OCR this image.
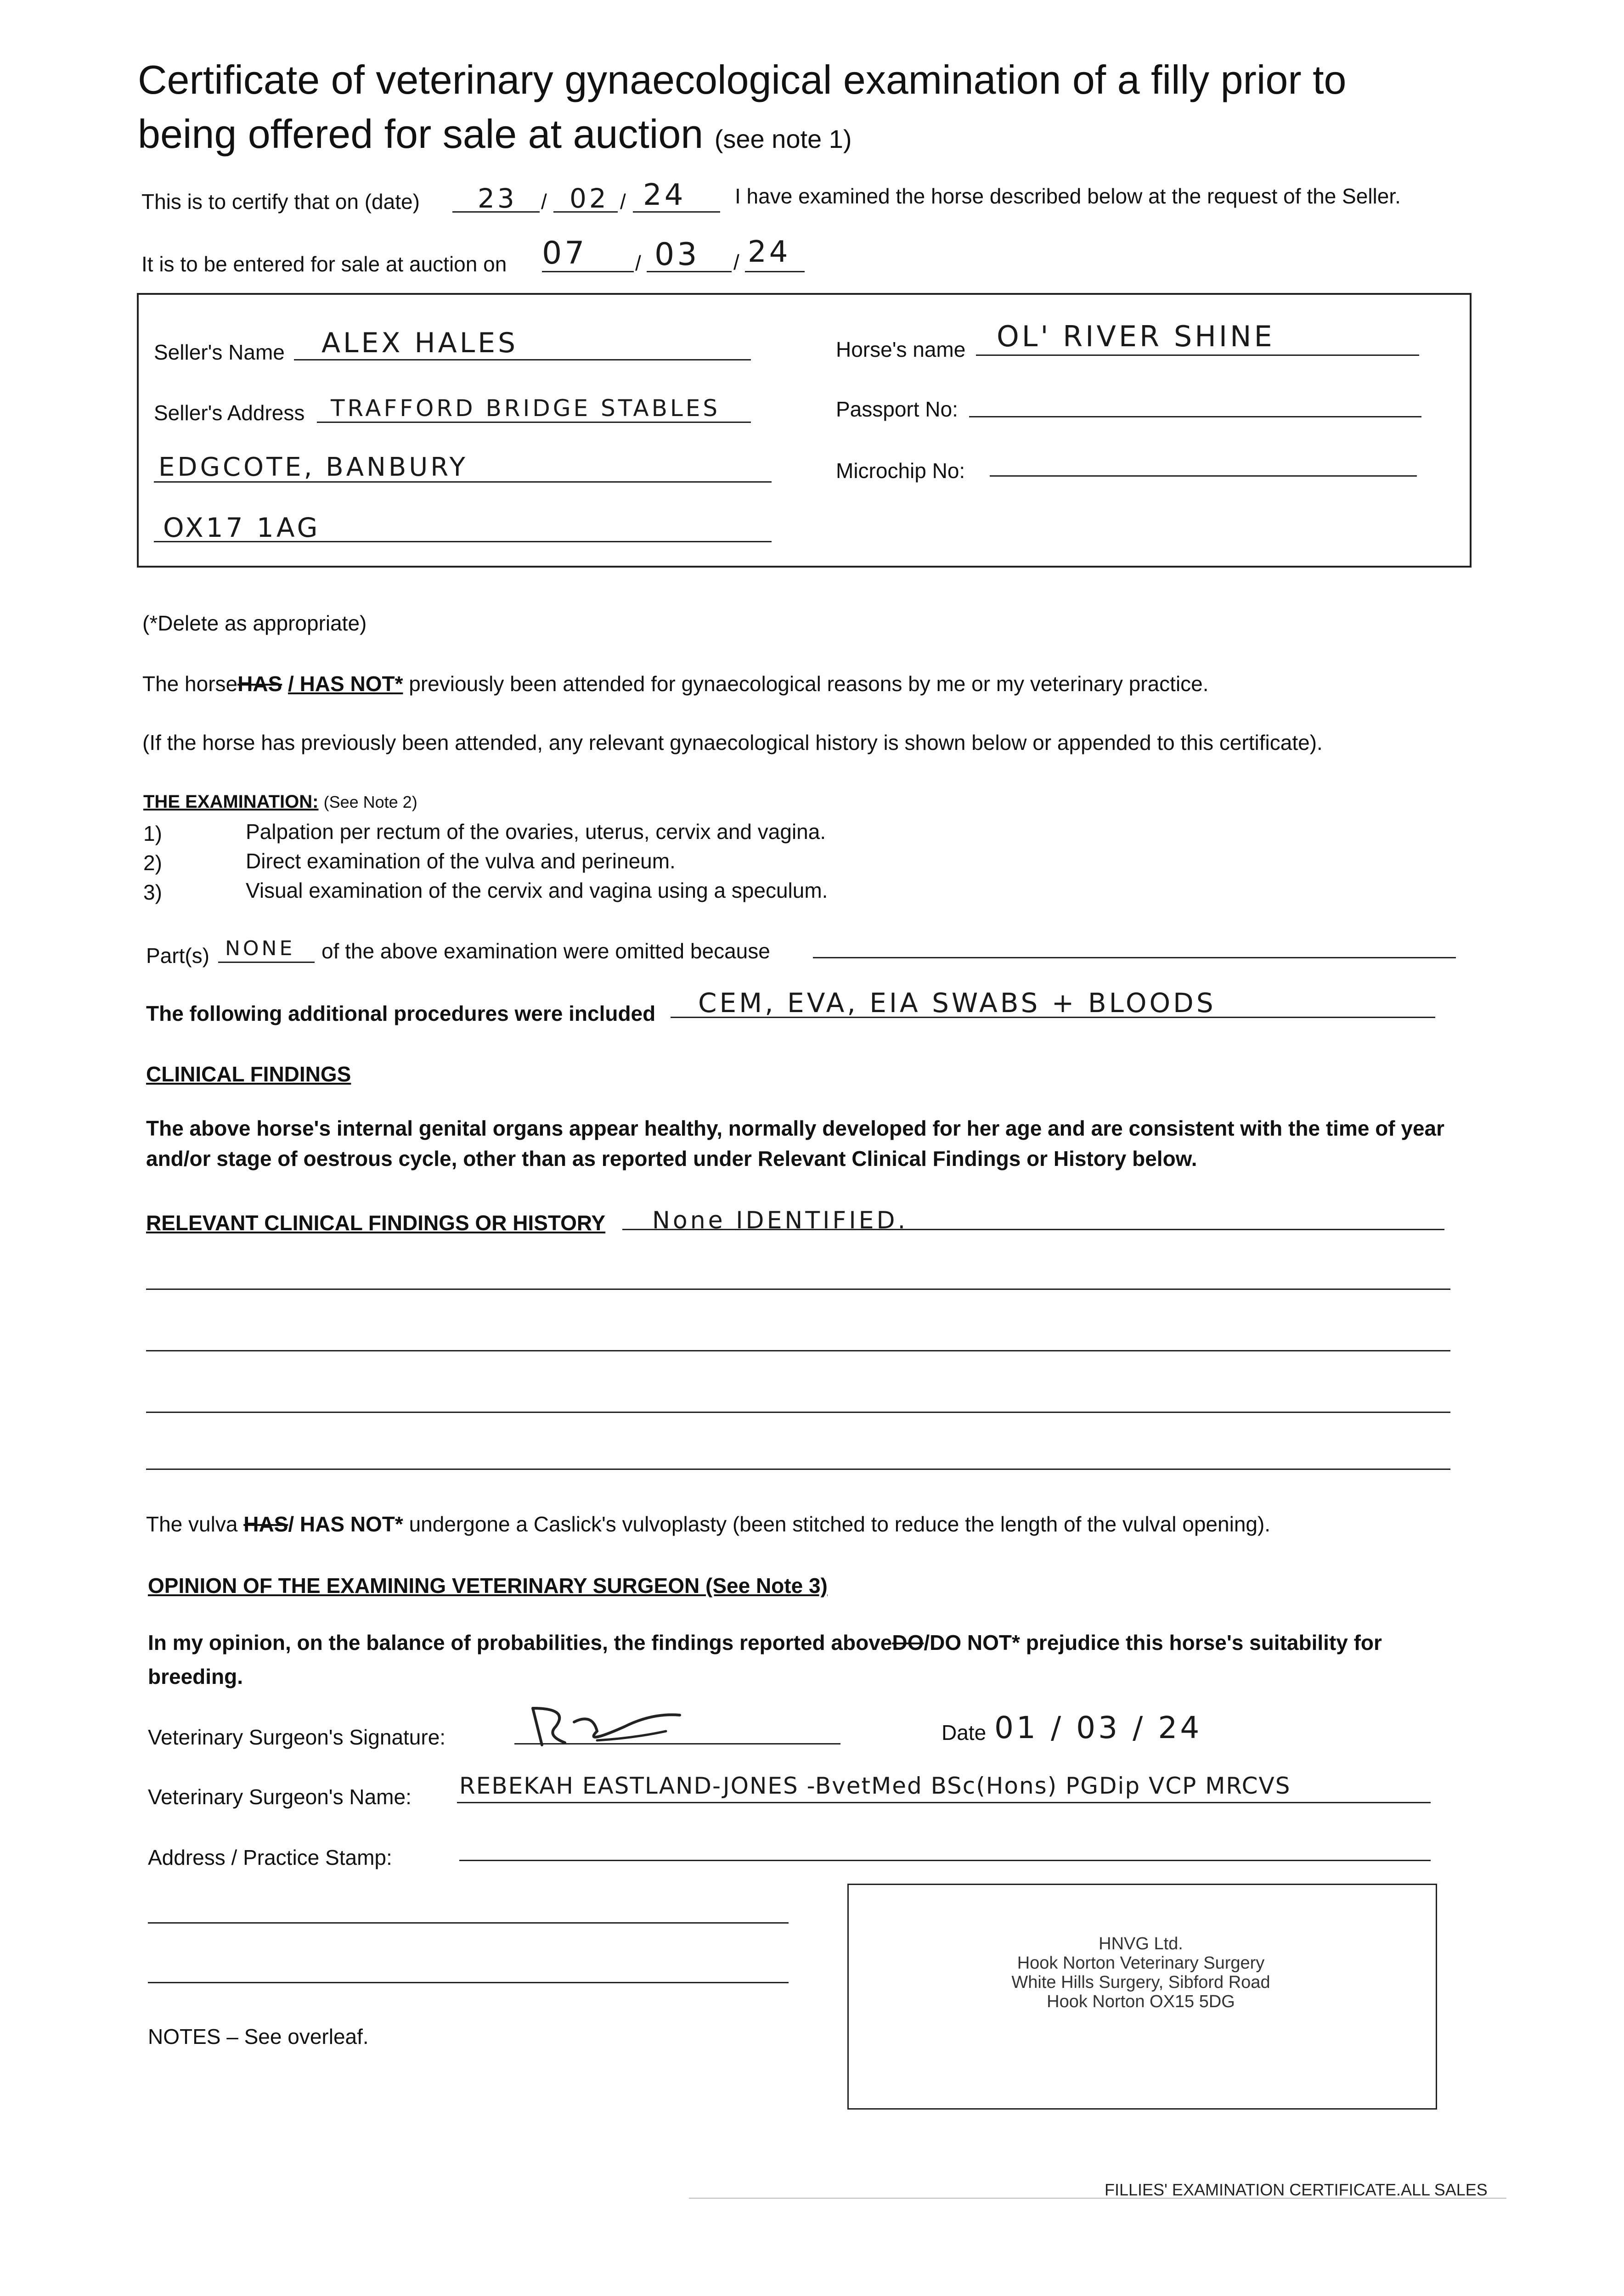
Certificate of veterinary gynaecological examination of a filly prior to
being offered for sale at auction (see note 1)
This is to certify that on (date) 23 / 02 / 24 I have examined the horse described below at the request of the Seller.
It is to be entered for sale at auction on 07 / 03 / 24
Seller's Name ALEX HALES
Seller's Address TRAFFORD BRIDGE STABLES
EDGCOTE, BANBURY
OX17 1AG
Horse's name OL' RIVER SHINE
Passport No:
Microchip No:
(*Delete as appropriate)
The horseHAS / HAS NOT* previously been attended for gynaecological reasons by me or my veterinary practice.
(If the horse has previously been attended, any relevant gynaecological history is shown below or appended to this certificate).
THE EXAMINATION: (See Note 2)
1)	Palpation per rectum of the ovaries, uterus, cervix and vagina.
2)	Direct examination of the vulva and perineum.
3)	Visual examination of the cervix and vagina using a speculum.
Part(s) NONE of the above examination were omitted because
The following additional procedures were included CEM, EVA, EIA SWABS + BLOODS
CLINICAL FINDINGS
The above horse's internal genital organs appear healthy, normally developed for her age and are consistent with the time of year
and/or stage of oestrous cycle, other than as reported under Relevant Clinical Findings or History below.
RELEVANT CLINICAL FINDINGS OR HISTORY None IDENTIFIED.
The vulva HAS/ HAS NOT* undergone a Caslick's vulvoplasty (been stitched to reduce the length of the vulval opening).
OPINION OF THE EXAMINING VETERINARY SURGEON (See Note 3)
In my opinion, on the balance of probabilities, the findings reported aboveDO/DO NOT* prejudice this horse's suitability for
breeding.
Veterinary Surgeon's Signature:	Date 01 / 03 / 24
Veterinary Surgeon's Name: REBEKAH EASTLAND-JONES -BvetMed BSc(Hons) PGDip VCP MRCVS
Address / Practice Stamp:
HNVG Ltd.
Hook Norton Veterinary Surgery
White Hills Surgery, Sibford Road
Hook Norton OX15 5DG
NOTES – See overleaf.
FILLIES' EXAMINATION CERTIFICATE.ALL SALES
